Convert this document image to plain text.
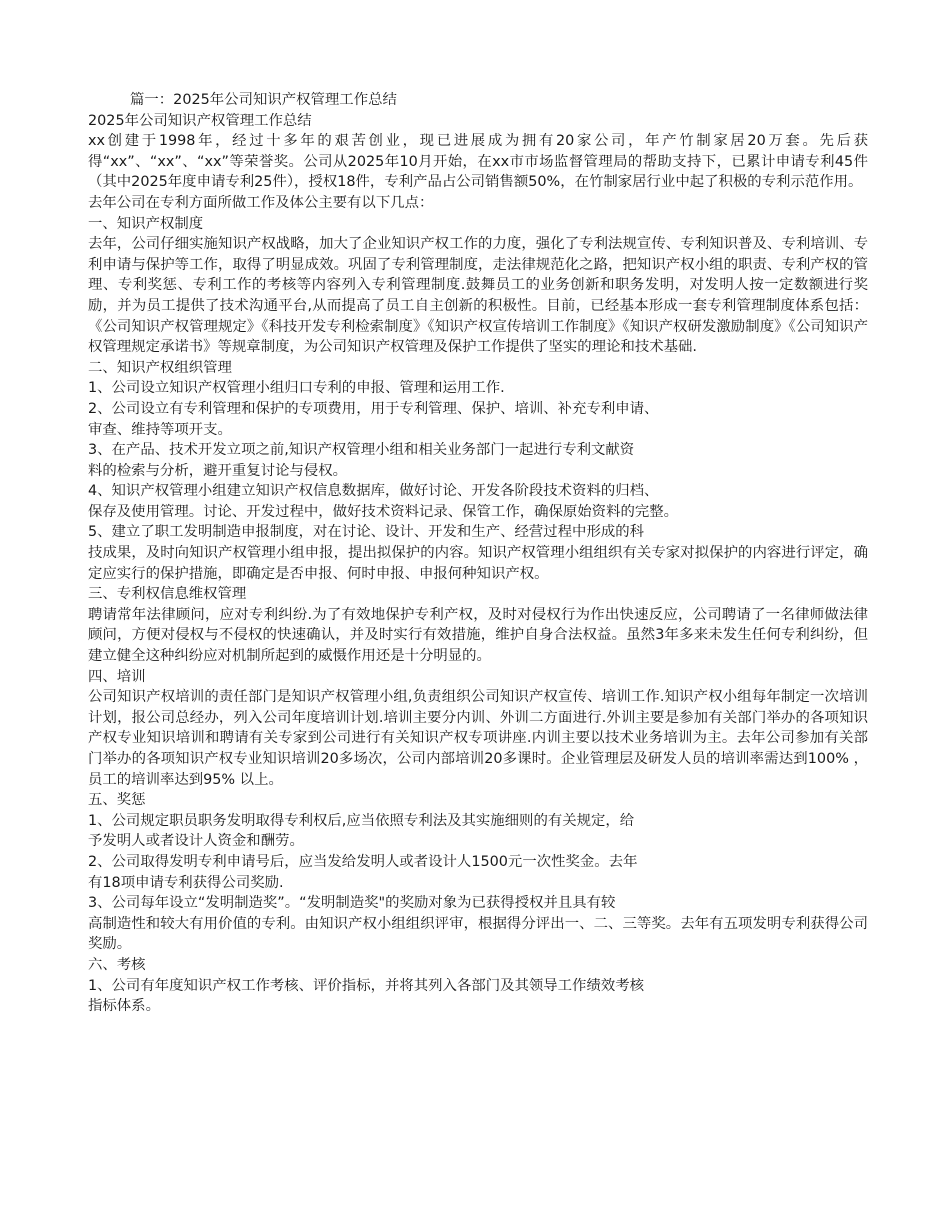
篇一：2025年公司知识产权管理工作总结

2025年公司知识产权管理工作总结

xx创建于1998年，经过十多年的艰苦创业，现已进展成为拥有20家公司，年产竹制家居20万套。先后获得“xx”、“xx”、“xx”等荣誉奖。公司从2025年10月开始，在xx市市场监督管理局的帮助支持下，已累计申请专利45件（其中2025年度申请专利25件），授权18件，专利产品占公司销售额50%，在竹制家居行业中起了积极的专利示范作用。

去年公司在专利方面所做工作及体公主要有以下几点：

一、知识产权制度

去年，公司仔细实施知识产权战略，加大了企业知识产权工作的力度，强化了专利法规宣传、专利知识普及、专利培训、专利申请与保护等工作，取得了明显成效。巩固了专利管理制度，走法律规范化之路，把知识产权小组的职责、专利产权的管理、专利奖惩、专利工作的考核等内容列入专利管理制度.鼓舞员工的业务创新和职务发明，对发明人按一定数额进行奖励，并为员工提供了技术沟通平台,从而提高了员工自主创新的积极性。目前，已经基本形成一套专利管理制度体系包括：《公司知识产权管理规定》《科技开发专利检索制度》《知识产权宣传培训工作制度》《知识产权研发激励制度》《公司知识产权管理规定承诺书》等规章制度，为公司知识产权管理及保护工作提供了坚实的理论和技术基础.

二、知识产权组织管理

1、公司设立知识产权管理小组归口专利的申报、管理和运用工作.

2、公司设立有专利管理和保护的专项费用，用于专利管理、保护、培训、补充专利申请、

审查、维持等项开支。

3、在产品、技术开发立项之前,知识产权管理小组和相关业务部门一起进行专利文献资

料的检索与分析，避开重复讨论与侵权。

4、知识产权管理小组建立知识产权信息数据库，做好讨论、开发各阶段技术资料的归档、

保存及使用管理。讨论、开发过程中，做好技术资料记录、保管工作，确保原始资料的完整。

5、建立了职工发明制造申报制度，对在讨论、设计、开发和生产、经营过程中形成的科

技成果，及时向知识产权管理小组申报，提出拟保护的内容。知识产权管理小组组织有关专家对拟保护的内容进行评定，确定应实行的保护措施，即确定是否申报、何时申报、申报何种知识产权。

三、专利权信息维权管理

聘请常年法律顾问，应对专利纠纷.为了有效地保护专利产权，及时对侵权行为作出快速反应，公司聘请了一名律师做法律顾问，方便对侵权与不侵权的快速确认，并及时实行有效措施，维护自身合法权益。虽然3年多来未发生任何专利纠纷，但建立健全这种纠纷应对机制所起到的威慑作用还是十分明显的。

四、培训

公司知识产权培训的责任部门是知识产权管理小组,负责组织公司知识产权宣传、培训工作.知识产权小组每年制定一次培训计划，报公司总经办，列入公司年度培训计划.培训主要分内训、外训二方面进行.外训主要是参加有关部门举办的各项知识产权专业知识培训和聘请有关专家到公司进行有关知识产权专项讲座.内训主要以技术业务培训为主。去年公司参加有关部门举办的各项知识产权专业知识培训20多场次，公司内部培训20多课时。企业管理层及研发人员的培训率需达到100% ，员工的培训率达到95% 以上。

五、奖惩

1、公司规定职员职务发明取得专利权后,应当依照专利法及其实施细则的有关规定，给

予发明人或者设计人资金和酬劳。

2、公司取得发明专利申请号后，应当发给发明人或者设计人1500元一次性奖金。去年

有18项申请专利获得公司奖励.

3、公司每年设立“发明制造奖”。“发明制造奖"的奖励对象为已获得授权并且具有较

高制造性和较大有用价值的专利。由知识产权小组组织评审，根据得分评出一、二、三等奖。去年有五项发明专利获得公司奖励。

六、考核

1、公司有年度知识产权工作考核、评价指标，并将其列入各部门及其领导工作绩效考核

指标体系。
